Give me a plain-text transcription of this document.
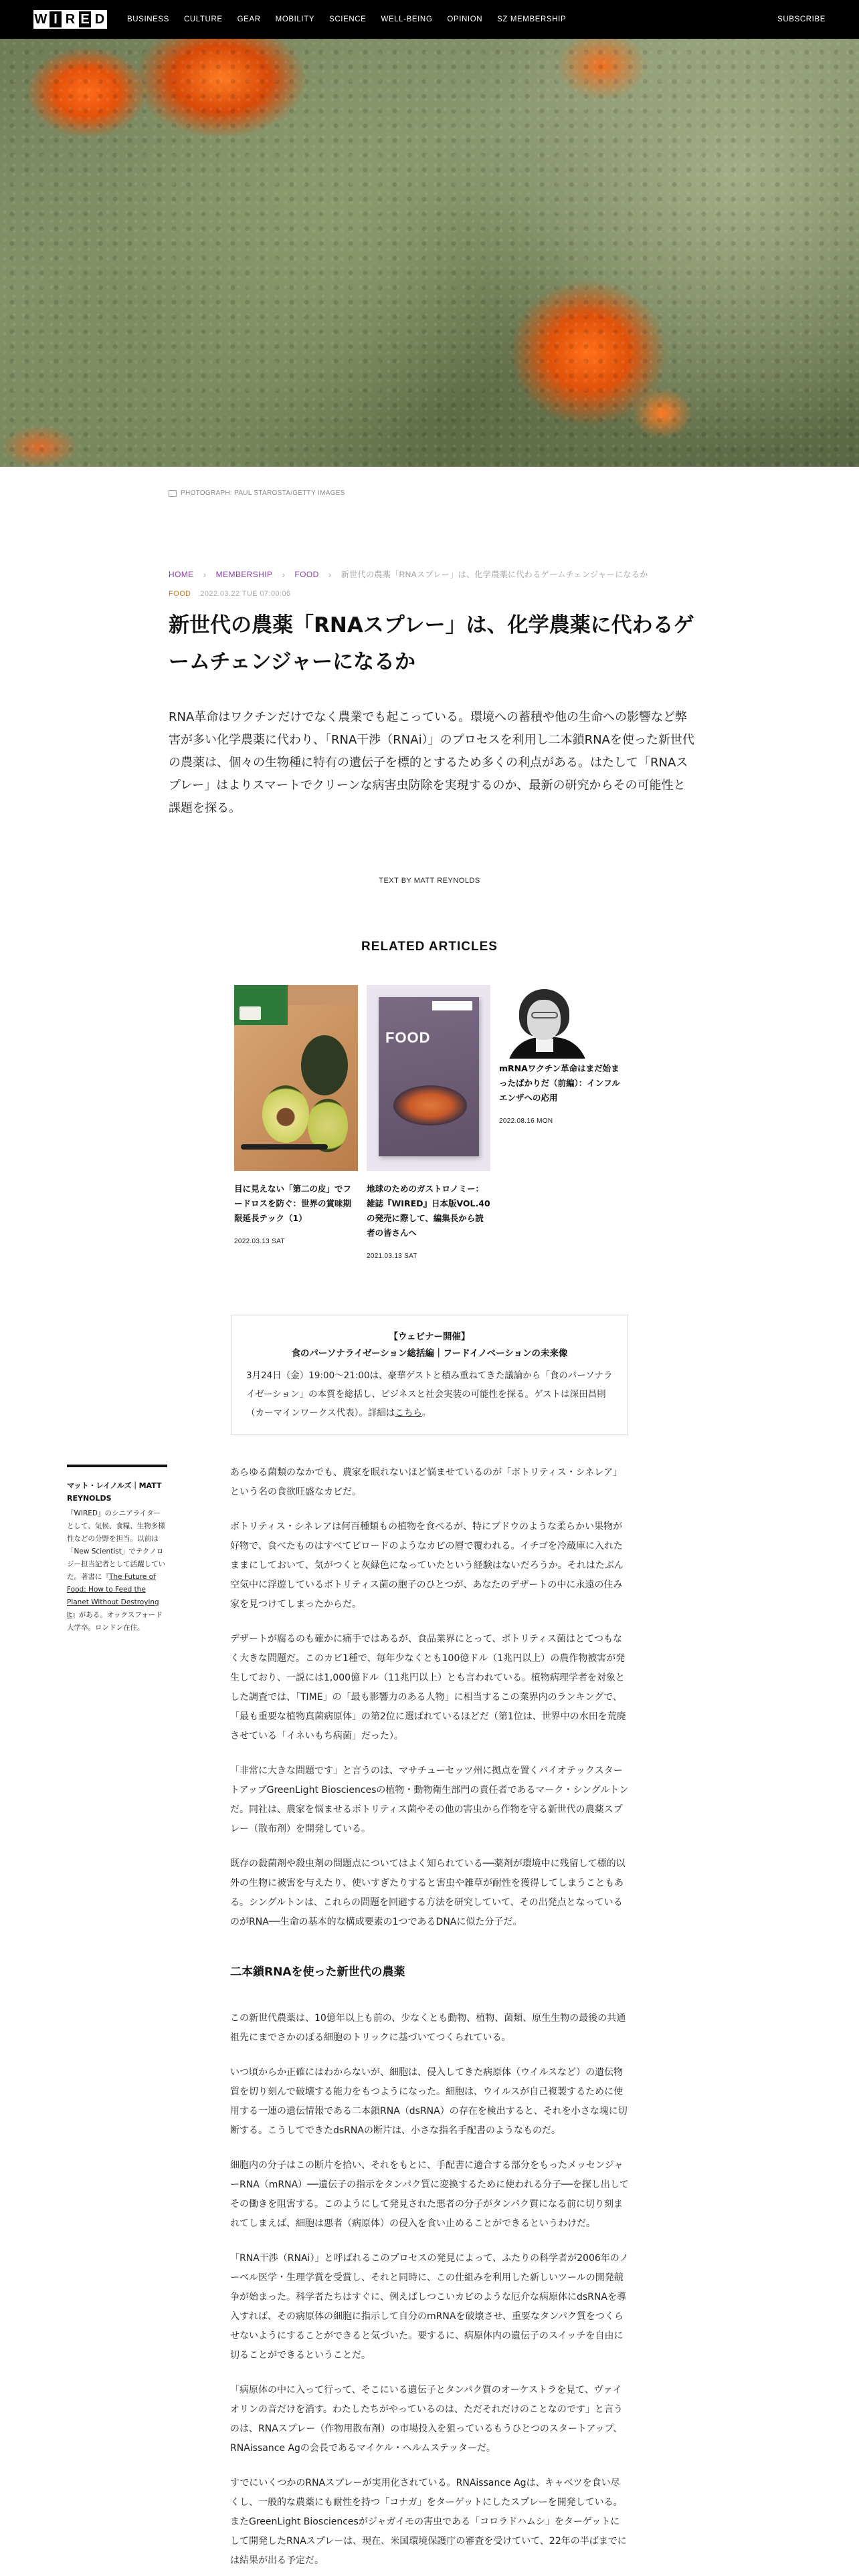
W I R E D	BUSINESS CULTURE GEAR MOBILITY SCIENCE WELL-BEING OPINION SZ MEMBERSHIP	SUBSCRIBE
PHOTOGRAPH: PAUL STAROSTA/GETTY IMAGES
HOME › MEMBERSHIP › FOOD › 新世代の農薬「RNAスプレー」は、化学農薬に代わるゲームチェンジャーになるか
FOOD 2022.03.22 TUE 07:00:06
新世代の農薬「RNAスプレー」は、化学農薬に代わるゲームチェンジャーになるか

RNA革命はワクチンだけでなく農業でも起こっている。環境への蓄積や他の生命への影響など弊害が多い化学農薬に代わり、「RNA干渉（RNAi）」のプロセスを利用し二本鎖RNAを使った新世代の農薬は、個々の生物種に特有の遺伝子を標的とするため多くの利点がある。はたして「RNAスプレー」はよりスマートでクリーンな病害虫防除を実現するのか、最新の研究からその可能性と課題を探る。

TEXT BY MATT REYNOLDS
RELATED ARTICLES
目に見えない「第二の皮」でフードロスを防ぐ：世界の賞味期限延長テック（1）
2022.03.13 SAT
FOOD
地球のためのガストロノミー：雑誌『WIRED』日本版VOL.40の発売に際して、編集長から読者の皆さんへ
2021.03.13 SAT
mRNAワクチン革命はまだ始まったばかりだ（前編）：インフルエンザへの応用
2022.08.16 MON
【ウェビナー開催】
食のパーソナライゼーション総括編｜フードイノベーションの未来像
3月24日（金）19:00〜21:00は、豪華ゲストと積み重ねてきた議論から「食のパーソナライゼーション」の本質を総括し、ビジネスと社会実装の可能性を探る。ゲストは深田昌則（カーマインワークス代表）。詳細はこちら。
マット・レイノルズ｜MATT REYNOLDS
『WIRED』のシニアライターとして、気候、食糧、生物多様性などの分野を担当。以前は「New Scientist」でテクノロジー担当記者として活躍していた。著書に『The Future of Food: How to Feed the Planet Without Destroying It』がある。オックスフォード大学卒。ロンドン在住。

あらゆる菌類のなかでも、農家を眠れないほど悩ませているのが「ボトリティス・シネレア」という名の食欲旺盛なカビだ。

ボトリティス・シネレアは何百種類もの植物を食べるが、特にブドウのような柔らかい果物が好物で、食べたものはすべてビロードのようなカビの層で覆われる。イチゴを冷蔵庫に入れたままにしておいて、気がつくと灰緑色になっていたという経験はないだろうか。それはたぶん空気中に浮遊しているボトリティス菌の胞子のひとつが、あなたのデザートの中に永遠の住み家を見つけてしまったからだ。

デザートが腐るのも確かに痛手ではあるが、食品業界にとって、ボトリティス菌はとてつもなく大きな問題だ。このカビ1種で、毎年少なくとも100億ドル（1兆円以上）の農作物被害が発生しており、一説には1,000億ドル（11兆円以上）とも言われている。植物病理学者を対象とした調査では、「TIME」の「最も影響力のある人物」に相当するこの業界内のランキングで、「最も重要な植物真菌病原体」の第2位に選ばれているほどだ（第1位は、世界中の水田を荒廃させている「イネいもち病菌」だった）。

「非常に大きな問題です」と言うのは、マサチューセッツ州に拠点を置くバイオテックスタートアップGreenLight Biosciencesの植物・動物衛生部門の責任者であるマーク・シングルトンだ。同社は、農家を悩ませるボトリティス菌やその他の害虫から作物を守る新世代の農薬スプレー（散布剤）を開発している。

既存の殺菌剤や殺虫剤の問題点についてはよく知られている──薬剤が環境中に残留して標的以外の生物に被害を与えたり、使いすぎたりすると害虫や雑草が耐性を獲得してしまうこともある。シングルトンは、これらの問題を回避する方法を研究していて、その出発点となっているのがRNA──生命の基本的な構成要素の1つであるDNAに似た分子だ。

二本鎖RNAを使った新世代の農薬

この新世代農薬は、10億年以上も前の、少なくとも動物、植物、菌類、原生生物の最後の共通祖先にまでさかのぼる細胞のトリックに基づいてつくられている。

いつ頃からか正確にはわからないが、細胞は、侵入してきた病原体（ウイルスなど）の遺伝物質を切り刻んで破壊する能力をもつようになった。細胞は、ウイルスが自己複製するために使用する一連の遺伝情報である二本鎖RNA（dsRNA）の存在を検出すると、それを小さな塊に切断する。こうしてできたdsRNAの断片は、小さな指名手配書のようなものだ。

細胞内の分子はこの断片を拾い、それをもとに、手配書に適合する部分をもったメッセンジャーRNA（mRNA）──遺伝子の指示をタンパク質に変換するために使われる分子──を探し出してその働きを阻害する。このようにして発見された悪者の分子がタンパク質になる前に切り刻まれてしまえば、細胞は悪者（病原体）の侵入を食い止めることができるというわけだ。

「RNA干渉（RNAi）」と呼ばれるこのプロセスの発見によって、ふたりの科学者が2006年のノーベル医学・生理学賞を受賞し、それと同時に、この仕組みを利用した新しいツールの開発競争が始まった。科学者たちはすぐに、例えばしつこいカビのような厄介な病原体にdsRNAを導入すれば、その病原体の細胞に指示して自分のmRNAを破壊させ、重要なタンパク質をつくらせないようにすることができると気づいた。要するに、病原体内の遺伝子のスイッチを自由に切ることができるということだ。

「病原体の中に入って行って、そこにいる遺伝子とタンパク質のオーケストラを見て、ヴァイオリンの音だけを消す。わたしたちがやっているのは、ただそれだけのことなのです」と言うのは、RNAスプレー（作物用散布剤）の市場投入を狙っているもうひとつのスタートアップ、RNAissance Agの会長であるマイケル・ヘルムステッターだ。

すでにいくつかのRNAスプレーが実用化されている。RNAissance Agは、キャベツを食い尽くし、一般的な農薬にも耐性を持つ「コナガ」をターゲットにしたスプレーを開発している。またGreenLight Biosciencesがジャガイモの害虫である「コロラドハムシ」をターゲットにして開発したRNAスプレーは、現在、米国環境保護庁の審査を受けていて、22年の半ばまでには結果が出る予定だ。
